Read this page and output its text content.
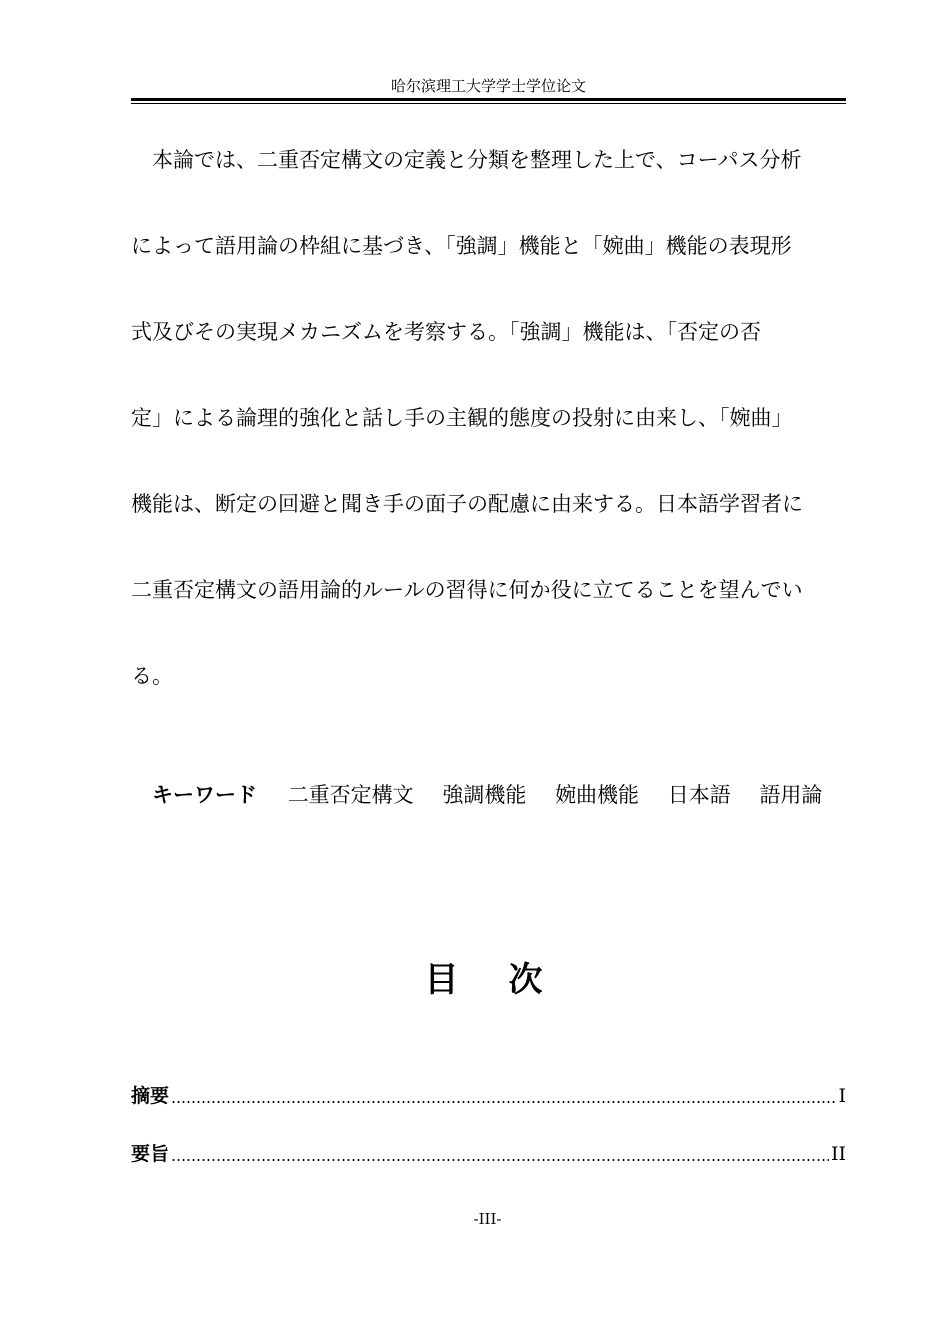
哈尔滨理工大学学士学位论文
本論では、二重否定構文の定義と分類を整理した上で、コーパス分析
によって語用論の枠組に基づき、「強調」機能と「婉曲」機能の表現形
式及びその実現メカニズムを考察する。「強調」機能は、「否定の否
定」による論理的強化と話し手の主観的態度の投射に由来し、「婉曲」
機能は、断定の回避と聞き手の面子の配慮に由来する。日本語学習者に
二重否定構文の語用論的ルールの習得に何か役に立てることを望んでい
る。
キーワード 二重否定構文 強調機能 婉曲機能 日本語 語用論
目　次
摘要	I
要旨	II
-III-
